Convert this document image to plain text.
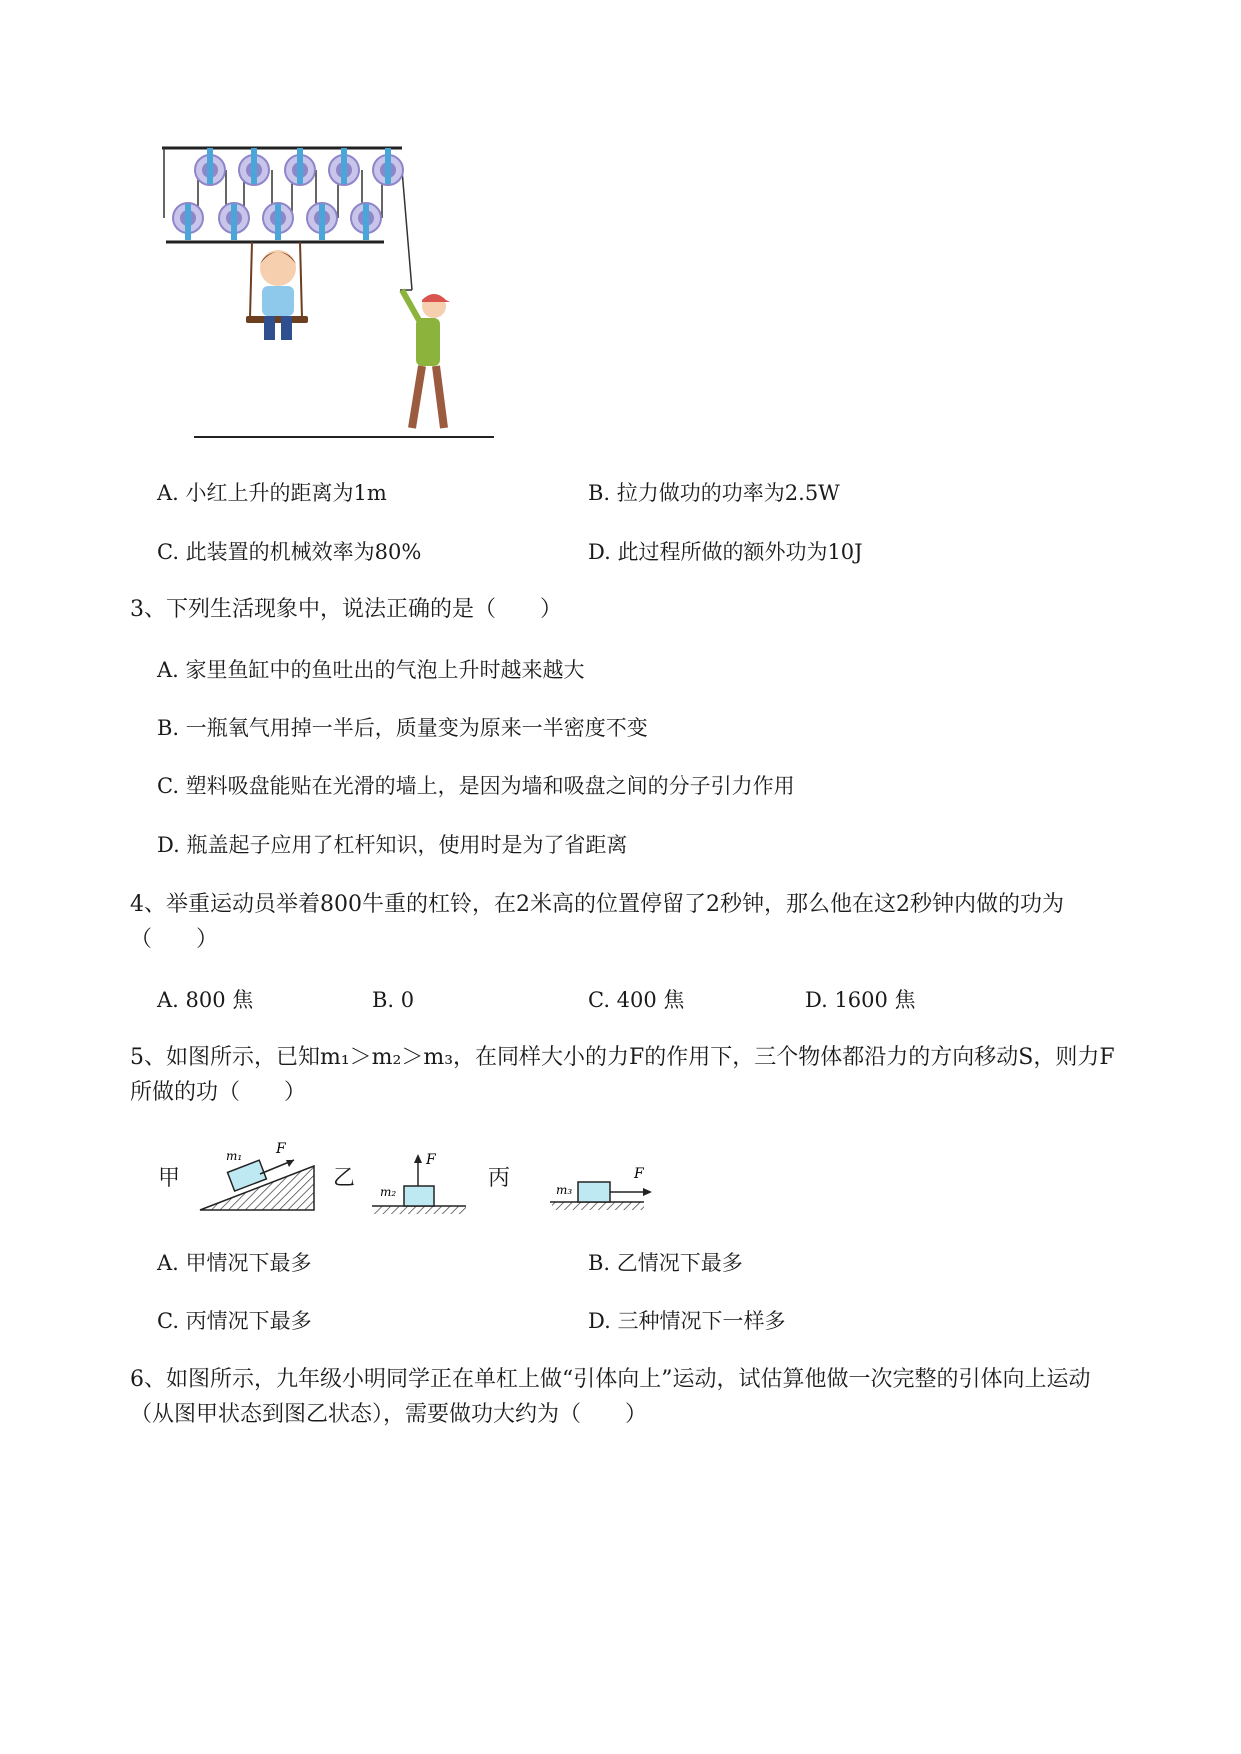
A. 小红上升的距离为1m	B. 拉力做功的功率为2.5W
C. 此装置的机械效率为80%	D. 此过程所做的额外功为10J
3、下列生活现象中，说法正确的是（　　）
A. 家里鱼缸中的鱼吐出的气泡上升时越来越大
B. 一瓶氧气用掉一半后，质量变为原来一半密度不变
C. 塑料吸盘能贴在光滑的墙上，是因为墙和吸盘之间的分子引力作用
D. 瓶盖起子应用了杠杆知识，使用时是为了省距离
4、举重运动员举着800牛重的杠铃，在2米高的位置停留了2秒钟，那么他在这2秒钟内做的功为
（　　）
A. 800 焦	B. 0	C. 400 焦	D. 1600 焦
5、如图所示，已知m₁＞m₂＞m₃，在同样大小的力F的作用下，三个物体都沿力的方向移动S，则力F
所做的功（　　）
甲
m₁ F
乙
F
m₂
丙	F
m₃
A. 甲情况下最多	B. 乙情况下最多
C. 丙情况下最多	D. 三种情况下一样多
6、如图所示，九年级小明同学正在单杠上做“引体向上”运动，试估算他做一次完整的引体向上运动
（从图甲状态到图乙状态），需要做功大约为（　　）
